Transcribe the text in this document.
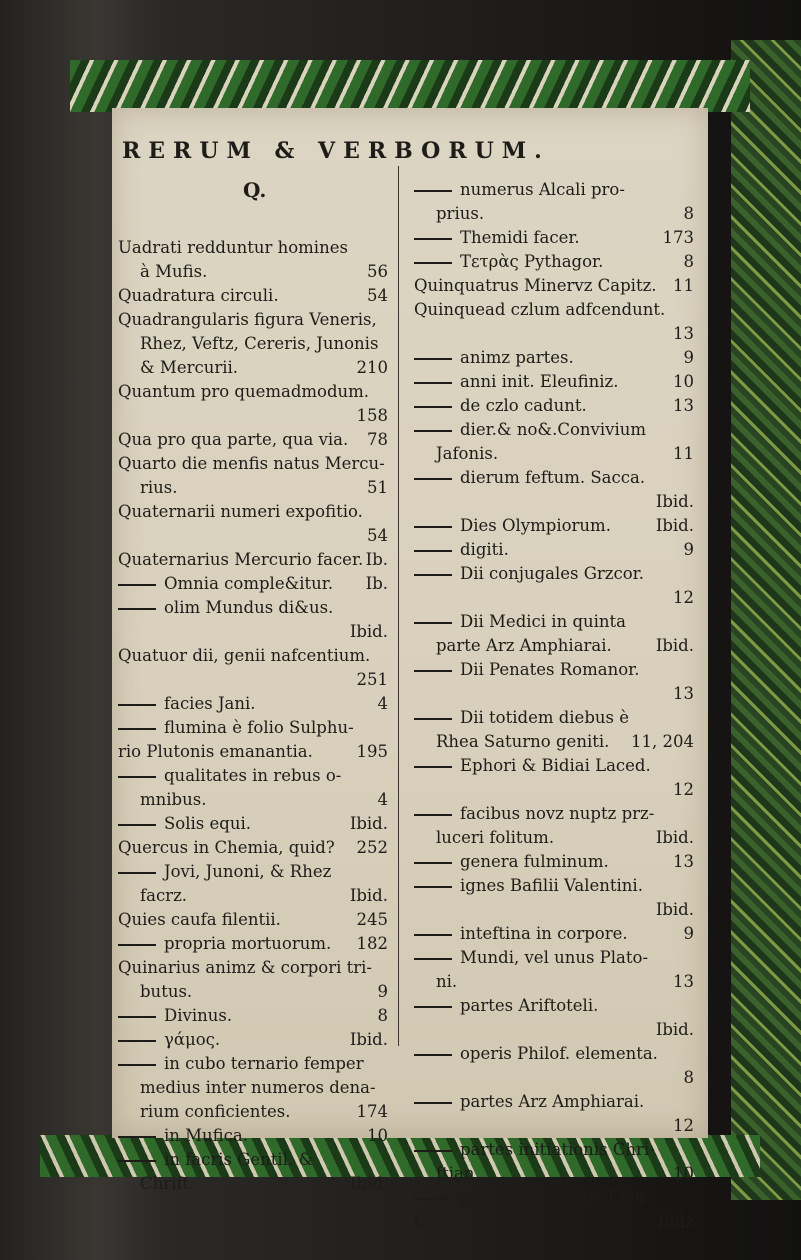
RERUM & VERBORUM.
Q.
Uadrati redduntur homines
à Mufis.	56
Quadratura circuli.	54
Quadrangularis figura Veneris,
Rhez, Veftz, Cereris, Junonis
& Mercurii.	210
Quantum pro quemadmodum.
158
Qua pro qua parte, qua via. 78
Quarto die menfis natus Mercu-
rius.	51
Quaternarii numeri expofitio.
54
Quaternarius Mercurio facer. Ib.
Omnia comple&itur. Ib.
olim Mundus di&us.
Ibid.
Quatuor dii, genii nafcentium.
251
facies Jani.	4
flumina è folio Sulphu-
rio Plutonis emanantia.	195
qualitates in rebus o-
mnibus.	4
Solis equi.	Ibid.
Quercus in Chemia, quid? 252
Jovi, Junoni, & Rhez
facrz.	Ibid.
Quies caufa filentii.	245
propria mortuorum. 182
Quinarius animz & corpori tri-
butus.	9
Divinus.	8
γάμος.	Ibid.
in cubo ternario femper
medius inter numeros dena-
rium conficientes.	174
in Mufica.	10
in facris Gentil. &
Chrift.	Ibid.
numerus Alcali pro-
prius.	8
Themidi facer.	173
Τετρὰς Pythagor.	8
Quinquatrus Minervz Capitz. 11
Quinquead czlum adfcendunt.
13
animz partes.	9
anni init. Eleufiniz.	10
de czlo cadunt.	13
dier.& no&.Convivium
Jafonis.	11
dierum feftum. Sacca.
Ibid.
Dies Olympiorum.	Ibid.
digiti.	9
Dii conjugales Grzcor.
12
Dii Medici in quinta
parte Arz Amphiarai.	Ibid.
Dii Penates Romanor.
13
Dii totidem diebus è
Rhea Saturno geniti. 11, 204
Ephori & Bidiai Laced.
12
facibus novz nuptz prz-
luceri folitum.	Ibid.
genera fulminum.	13
ignes Bafilii Valentini.
Ibid.
inteftina in corpore.	9
Mundi, vel unus Plato-
ni.	13
partes Ariftoteli.
Ibid.
operis Philof. elementa.
8
partes Arz Amphiarai.
12
partes initiationis Chri-
ftian.	10
partes initationis Eleu
Cc	finiz
